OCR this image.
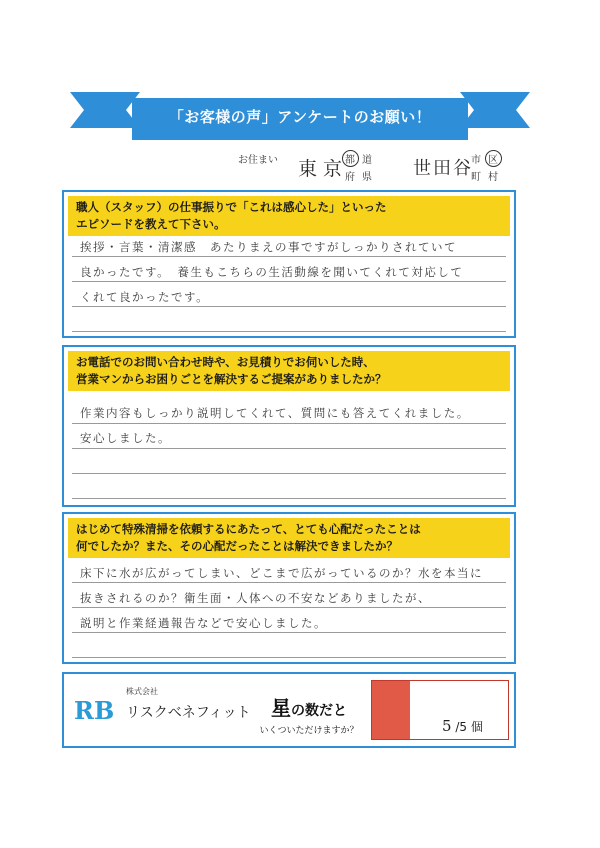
「お客様の声」アンケートのお願い！
お住まい 東京
都 道
府 県 世田谷
市 区
町 村
職人（スタッフ）の仕事振りで「これは感心した」といった
エピソードを教えて下さい。
挨拶・言葉・清潔感　あたりまえの事ですがしっかりされていて
良かったです。　養生もこちらの生活動線を聞いてくれて対応して
くれて良かったです。
お電話でのお問い合わせ時や、お見積りでお伺いした時、
営業マンからお困りごとを解決するご提案がありましたか？
作業内容もしっかり説明してくれて、質問にも答えてくれました。
安心しました。
はじめて特殊清掃を依頼するにあたって、とても心配だったことは
何でしたか？また、その心配だったことは解決できましたか？
床下に水が広がってしまい、どこまで広がっているのか？水を本当に
抜きされるのか？衛生面・人体への不安などありましたが、
説明と作業経過報告などで安心しました。
RB
株式会社
リスクベネフィット	星の数だと
いくついただけますか？	5 /5 個
